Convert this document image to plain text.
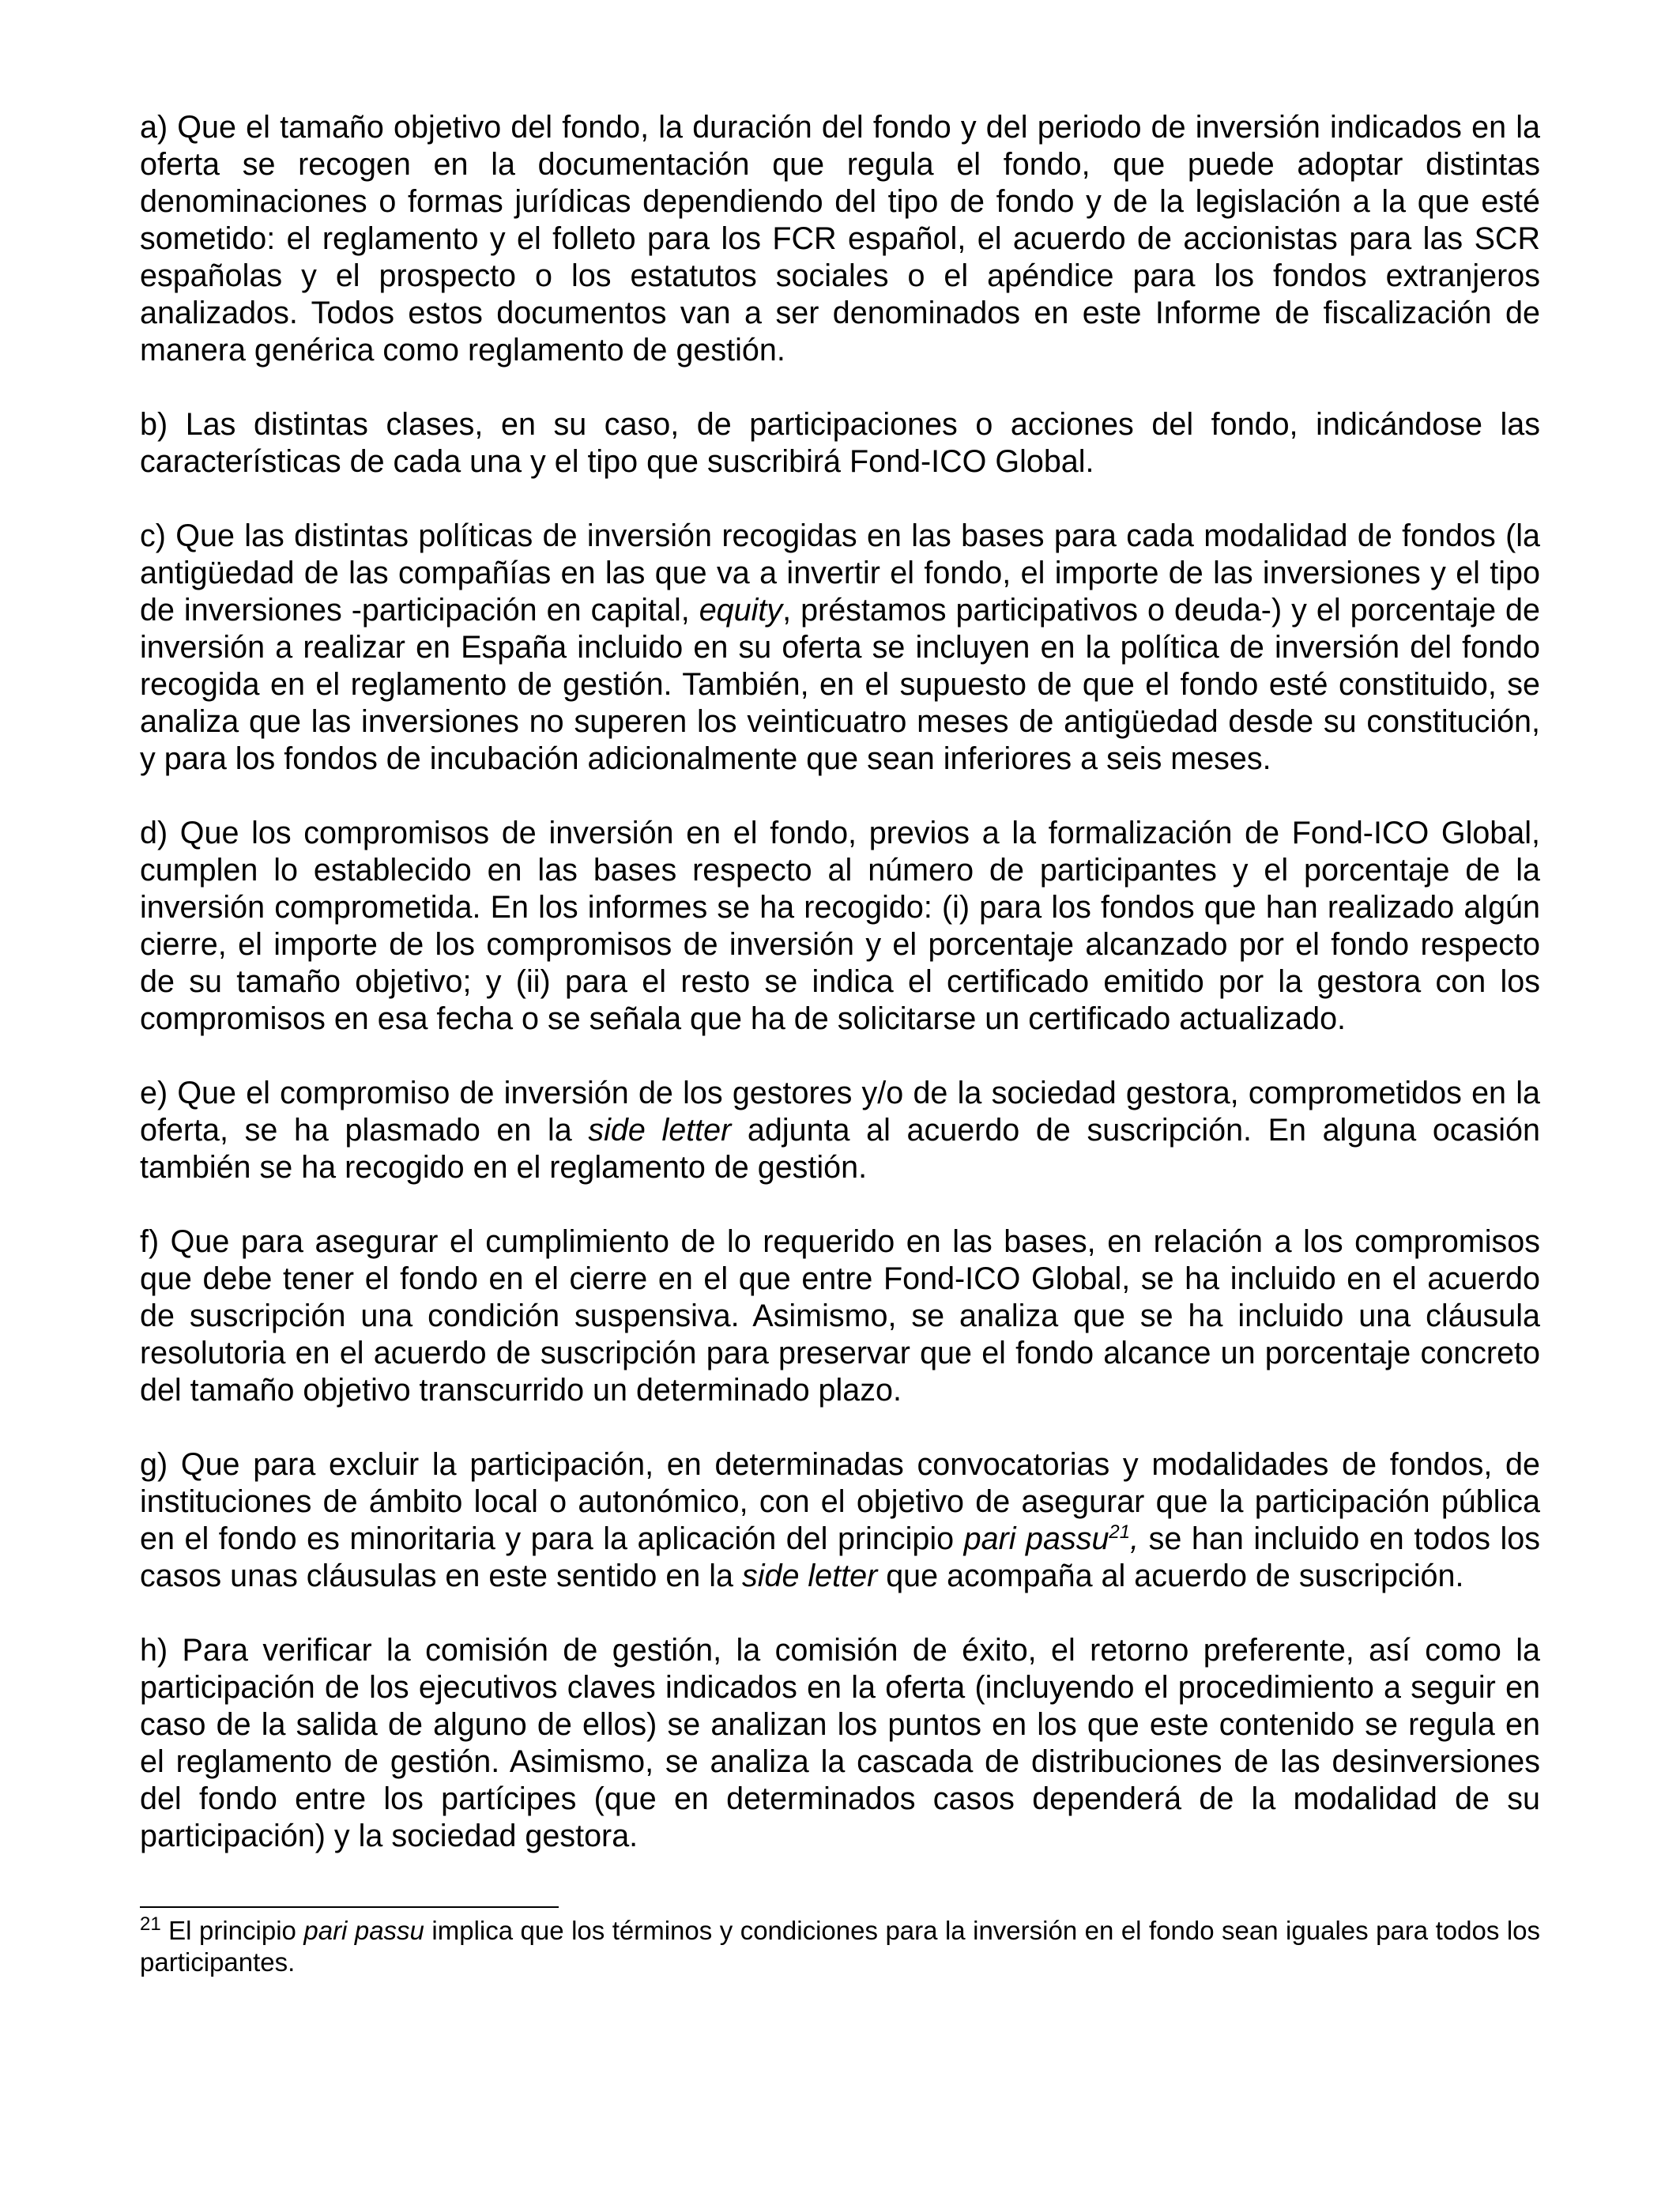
a) Que el tamaño objetivo del fondo, la duración del fondo y del periodo de inversión indicados en la oferta se recogen en la documentación que regula el fondo, que puede adoptar distintas denominaciones o formas jurídicas dependiendo del tipo de fondo y de la legislación a la que esté sometido: el reglamento y el folleto para los FCR español, el acuerdo de accionistas para las SCR españolas y el prospecto o los estatutos sociales o el apéndice para los fondos extranjeros analizados. Todos estos documentos van a ser denominados en este Informe de fiscalización de manera genérica como reglamento de gestión.

b) Las distintas clases, en su caso, de participaciones o acciones del fondo, indicándose las características de cada una y el tipo que suscribirá Fond-ICO Global.

c) Que las distintas políticas de inversión recogidas en las bases para cada modalidad de fondos (la antigüedad de las compañías en las que va a invertir el fondo, el importe de las inversiones y el tipo de inversiones -participación en capital, equity, préstamos participativos o deuda-) y el porcentaje de inversión a realizar en España incluido en su oferta se incluyen en la política de inversión del fondo recogida en el reglamento de gestión. También, en el supuesto de que el fondo esté constituido, se analiza que las inversiones no superen los veinticuatro meses de antigüedad desde su constitución, y para los fondos de incubación adicionalmente que sean inferiores a seis meses.

d) Que los compromisos de inversión en el fondo, previos a la formalización de Fond-ICO Global, cumplen lo establecido en las bases respecto al número de participantes y el porcentaje de la inversión comprometida. En los informes se ha recogido: (i) para los fondos que han realizado algún cierre, el importe de los compromisos de inversión y el porcentaje alcanzado por el fondo respecto de su tamaño objetivo; y (ii) para el resto se indica el certificado emitido por la gestora con los compromisos en esa fecha o se señala que ha de solicitarse un certificado actualizado.

e) Que el compromiso de inversión de los gestores y/o de la sociedad gestora, comprometidos en la oferta, se ha plasmado en la side letter adjunta al acuerdo de suscripción. En alguna ocasión también se ha recogido en el reglamento de gestión.

f) Que para asegurar el cumplimiento de lo requerido en las bases, en relación a los compromisos que debe tener el fondo en el cierre en el que entre Fond-ICO Global, se ha incluido en el acuerdo de suscripción una condición suspensiva. Asimismo, se analiza que se ha incluido una cláusula resolutoria en el acuerdo de suscripción para preservar que el fondo alcance un porcentaje concreto del tamaño objetivo transcurrido un determinado plazo.

g) Que para excluir la participación, en determinadas convocatorias y modalidades de fondos, de instituciones de ámbito local o autonómico, con el objetivo de asegurar que la participación pública en el fondo es minoritaria y para la aplicación del principio pari passu$^{21}$, se han incluido en todos los casos unas cláusulas en este sentido en la side letter que acompaña al acuerdo de suscripción.

h) Para verificar la comisión de gestión, la comisión de éxito, el retorno preferente, así como la participación de los ejecutivos claves indicados en la oferta (incluyendo el procedimiento a seguir en caso de la salida de alguno de ellos) se analizan los puntos en los que este contenido se regula en el reglamento de gestión. Asimismo, se analiza la cascada de distribuciones de las desinversiones del fondo entre los partícipes (que en determinados casos dependerá de la modalidad de su participación) y la sociedad gestora.

$^{21}$ El principio pari passu implica que los términos y condiciones para la inversión en el fondo sean iguales para todos los participantes.
